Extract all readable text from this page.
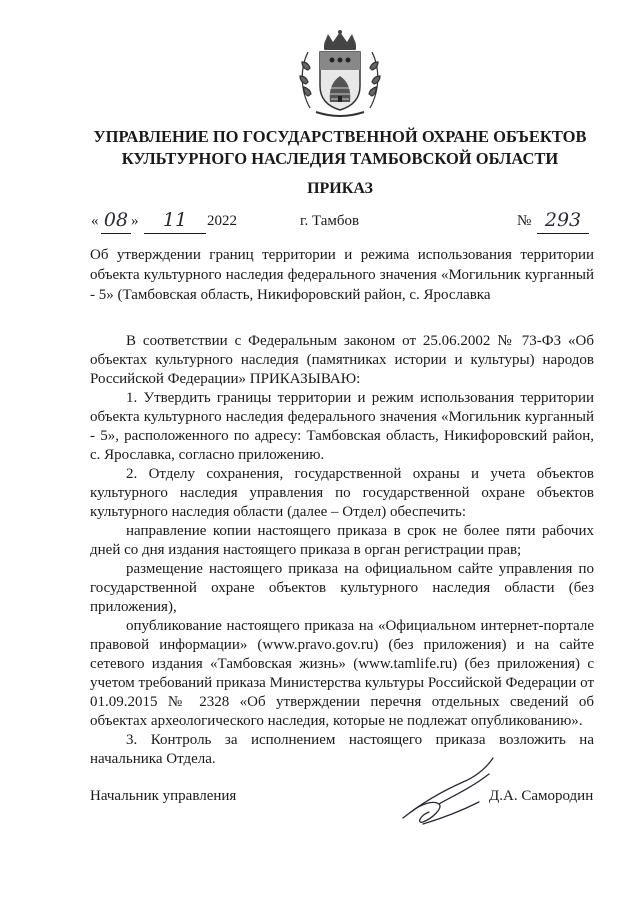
УПРАВЛЕНИЕ ПО ГОСУДАРСТВЕННОЙ ОХРАНЕ ОБЪЕКТОВ
КУЛЬТУРНОГО НАСЛЕДИЯ ТАМБОВСКОЙ ОБЛАСТИ
ПРИКАЗ
« 08 »	11	2022	г. Тамбов	№ 293
Об утверждении границ территории и режима использования территории объекта культурного наследия федерального значения «Могильник курганный - 5» (Тамбовская область, Никифоровский район, с. Ярославка

В соответствии с Федеральным законом от 25.06.2002 № 73-ФЗ «Об объектах культурного наследия (памятниках истории и культуры) народов Российской Федерации» ПРИКАЗЫВАЮ:

1. Утвердить границы территории и режим использования территории объекта культурного наследия федерального значения «Могильник курганный - 5», расположенного по адресу: Тамбовская область, Никифоровский район, с. Ярославка, согласно приложению.

2. Отделу сохранения, государственной охраны и учета объектов культурного наследия управления по государственной охране объектов культурного наследия области (далее – Отдел) обеспечить:

направление копии настоящего приказа в срок не более пяти рабочих дней со дня издания настоящего приказа в орган регистрации прав;

размещение настоящего приказа на официальном сайте управления по государственной охране объектов культурного наследия области (без приложения),

опубликование настоящего приказа на «Официальном интернет-портале правовой информации» (www.pravo.gov.ru) (без приложения) и на сайте сетевого издания «Тамбовская жизнь» (www.tamlife.ru) (без приложения) с учетом требований приказа Министерства культуры Российской Федерации от 01.09.2015 № 2328 «Об утверждении перечня отдельных сведений об объектах археологического наследия, которые не подлежат опубликованию».

3. Контроль за исполнением настоящего приказа возложить на начальника Отдела.

Начальник управления	Д.А. Самородин
